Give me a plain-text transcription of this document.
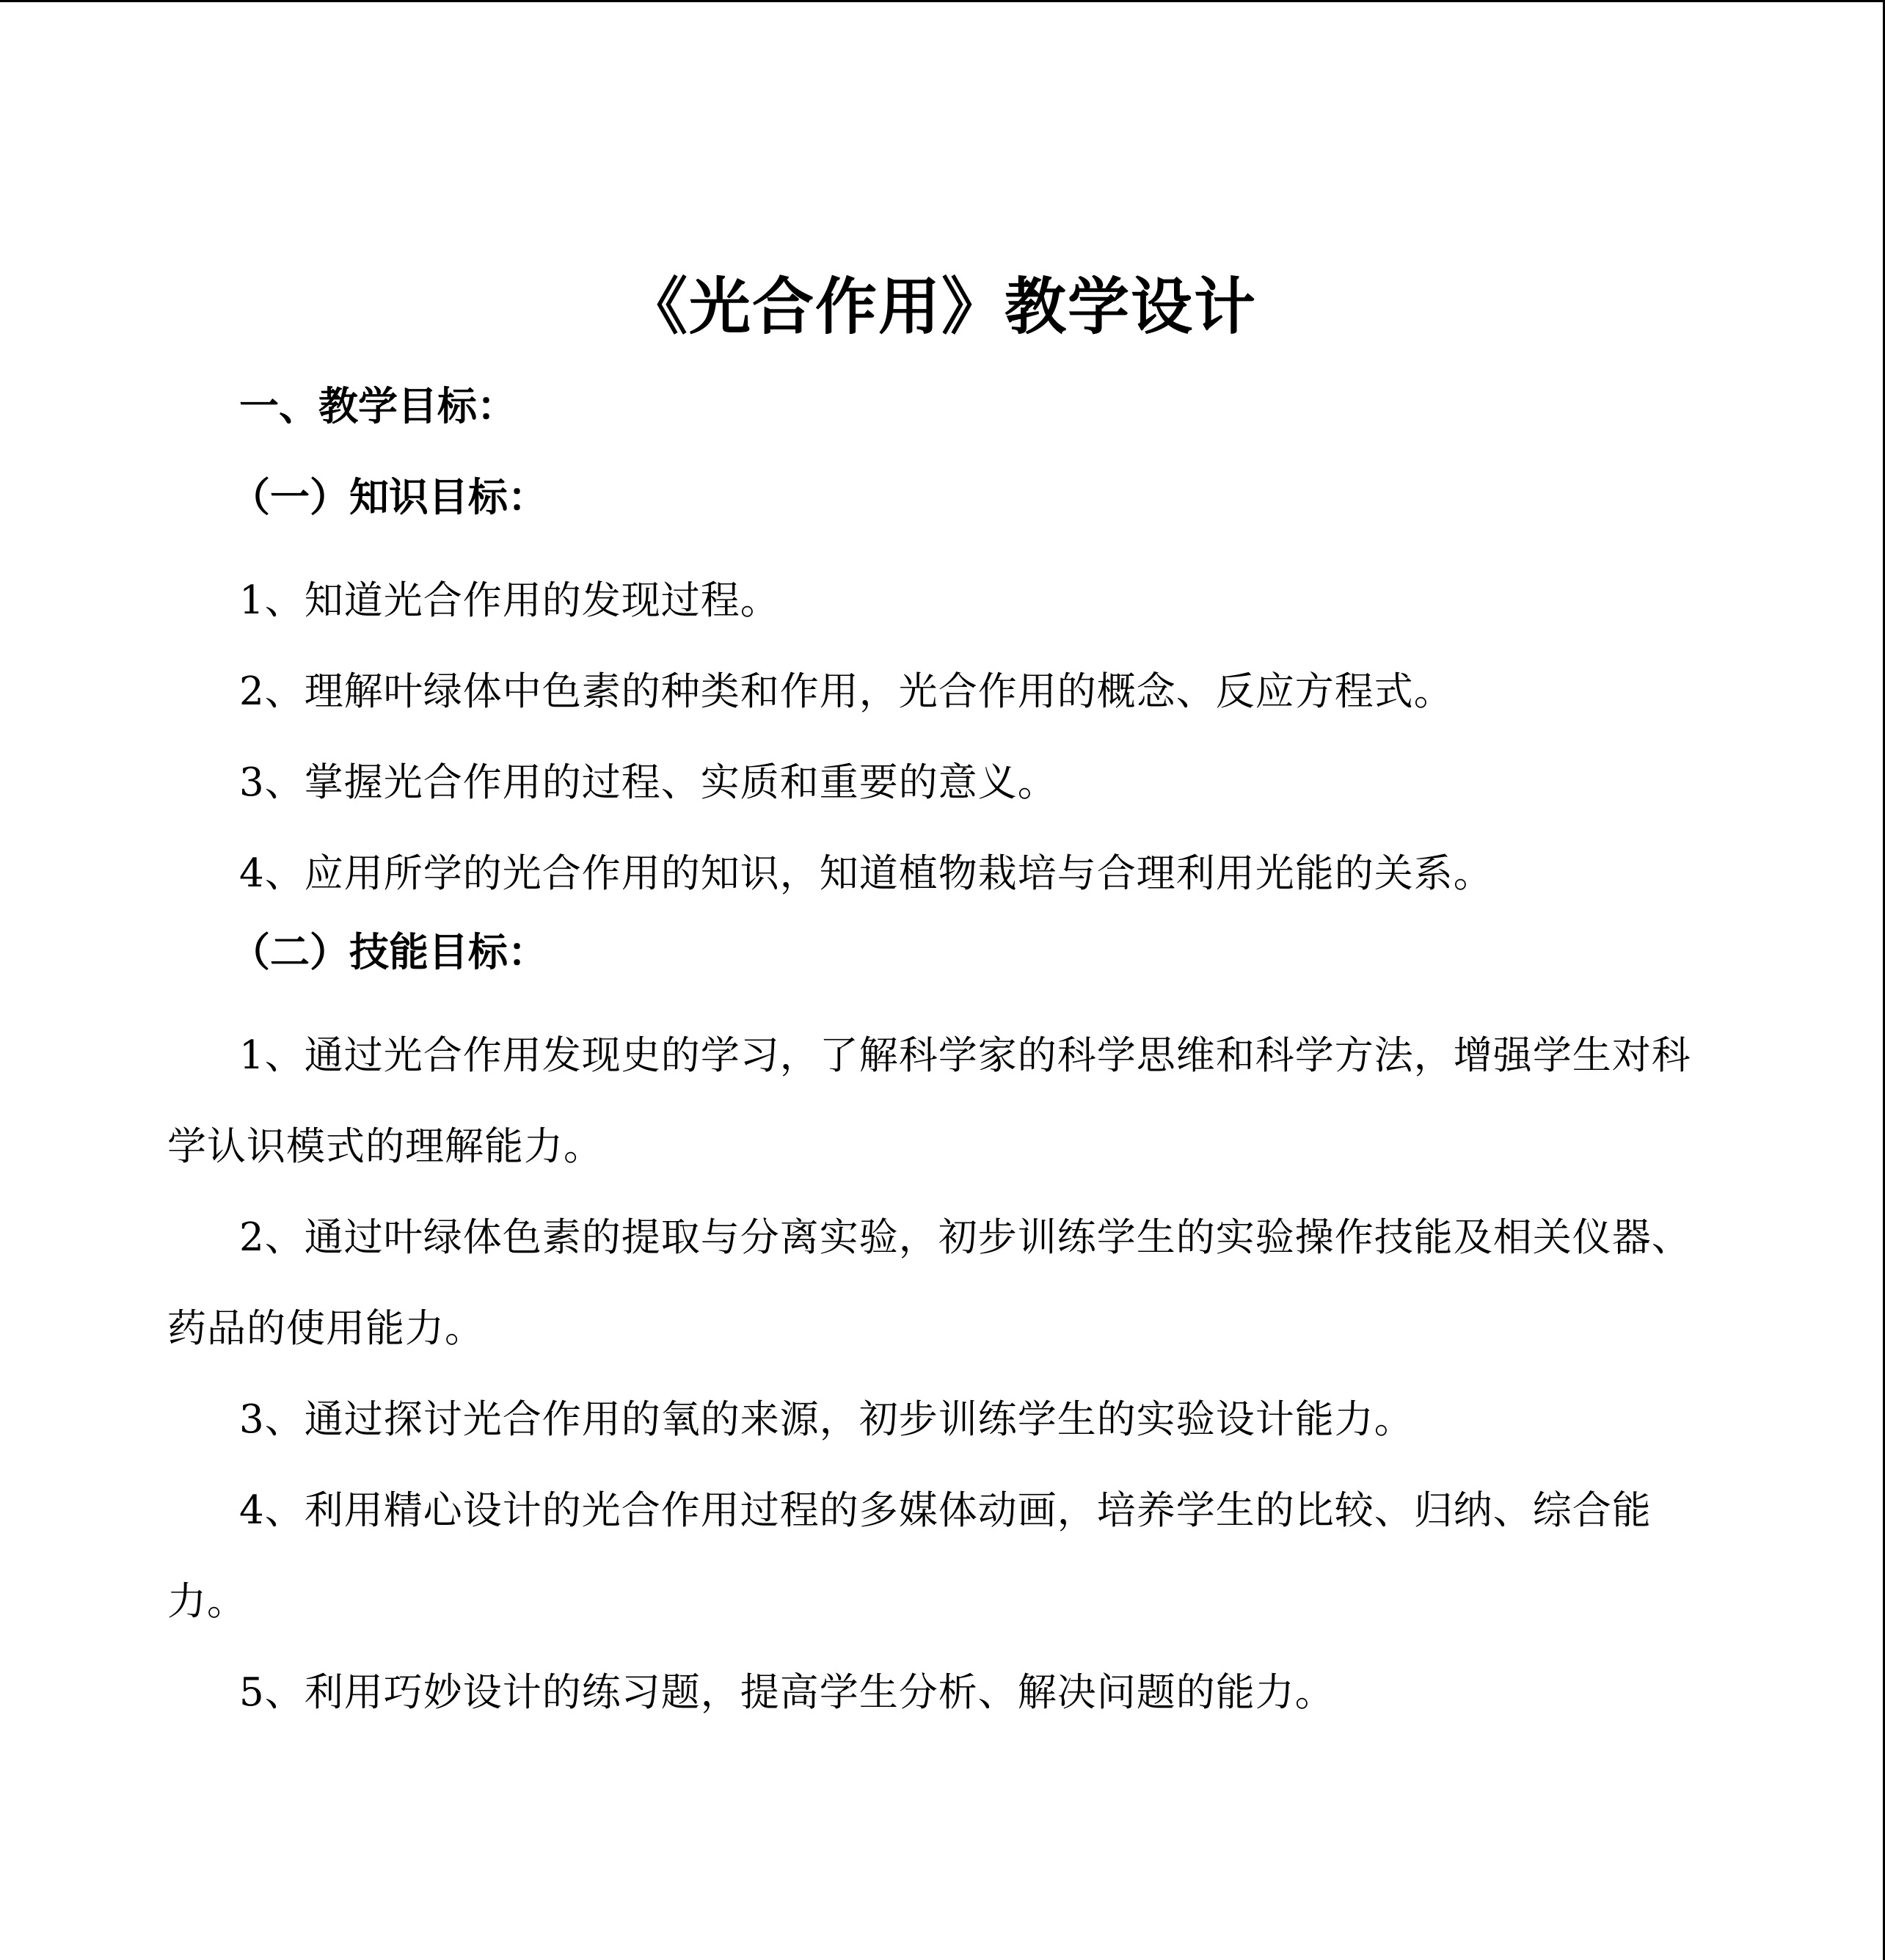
《光合作用》教学设计
一、教学目标：
（一）知识目标：
1、知道光合作用的发现过程。
2、理解叶绿体中色素的种类和作用，光合作用的概念、反应方程式。
3、掌握光合作用的过程、实质和重要的意义。
4、应用所学的光合作用的知识，知道植物栽培与合理利用光能的关系。
（二）技能目标：
1、通过光合作用发现史的学习，了解科学家的科学思维和科学方法，增强学生对科学认识模式的理解能力。
2、通过叶绿体色素的提取与分离实验，初步训练学生的实验操作技能及相关仪器、药品的使用能力。
3、通过探讨光合作用的氧的来源，初步训练学生的实验设计能力。
4、利用精心设计的光合作用过程的多媒体动画，培养学生的比较、归纳、综合能力。
5、利用巧妙设计的练习题，提高学生分析、解决问题的能力。
